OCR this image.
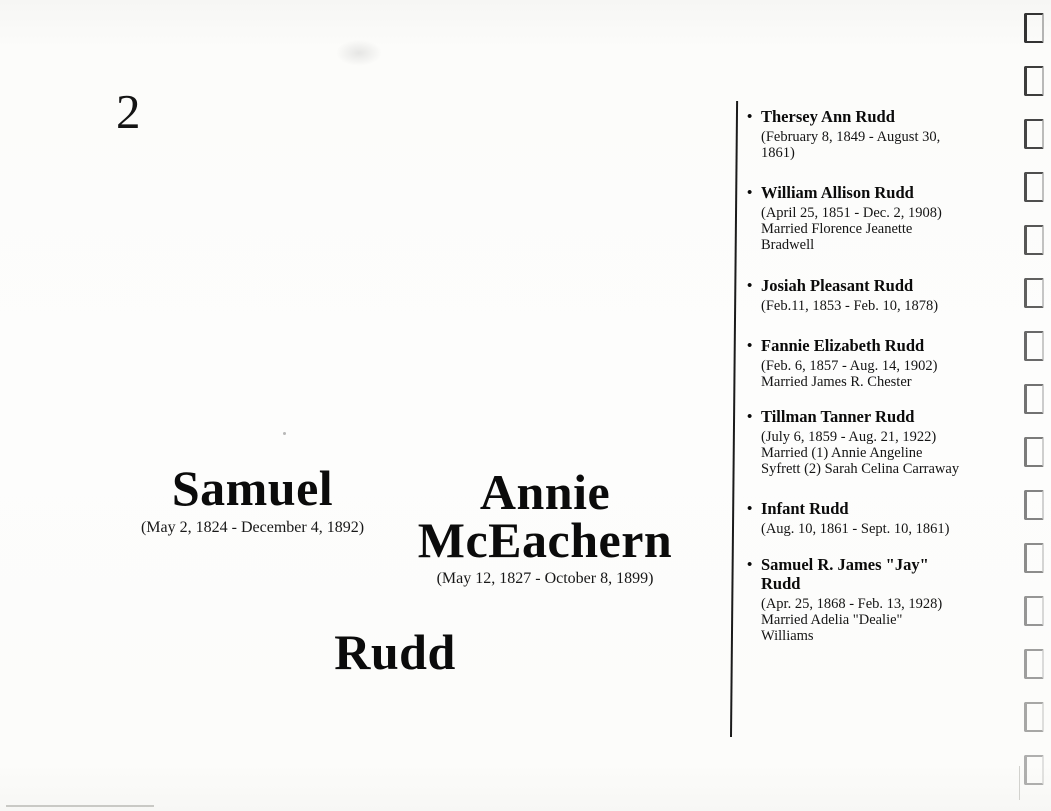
2
Samuel
(May 2, 1824 - December 4, 1892)
Annie
McEachern
(May 12, 1827 - October 8, 1899)
Rudd
• Thersey Ann Rudd
(February 8, 1849 - August 30,
1861)
• William Allison Rudd
(April 25, 1851 - Dec. 2, 1908)
Married Florence Jeanette
Bradwell
• Josiah Pleasant Rudd
(Feb.11, 1853 - Feb. 10, 1878)
• Fannie Elizabeth Rudd
(Feb. 6, 1857 - Aug. 14, 1902)
Married James R. Chester
• Tillman Tanner Rudd
(July 6, 1859 - Aug. 21, 1922)
Married (1) Annie Angeline
Syfrett (2) Sarah Celina Carraway
• Infant Rudd
(Aug. 10, 1861 - Sept. 10, 1861)
• Samuel R. James "Jay"
Rudd
(Apr. 25, 1868 - Feb. 13, 1928)
Married Adelia "Dealie"
Williams
